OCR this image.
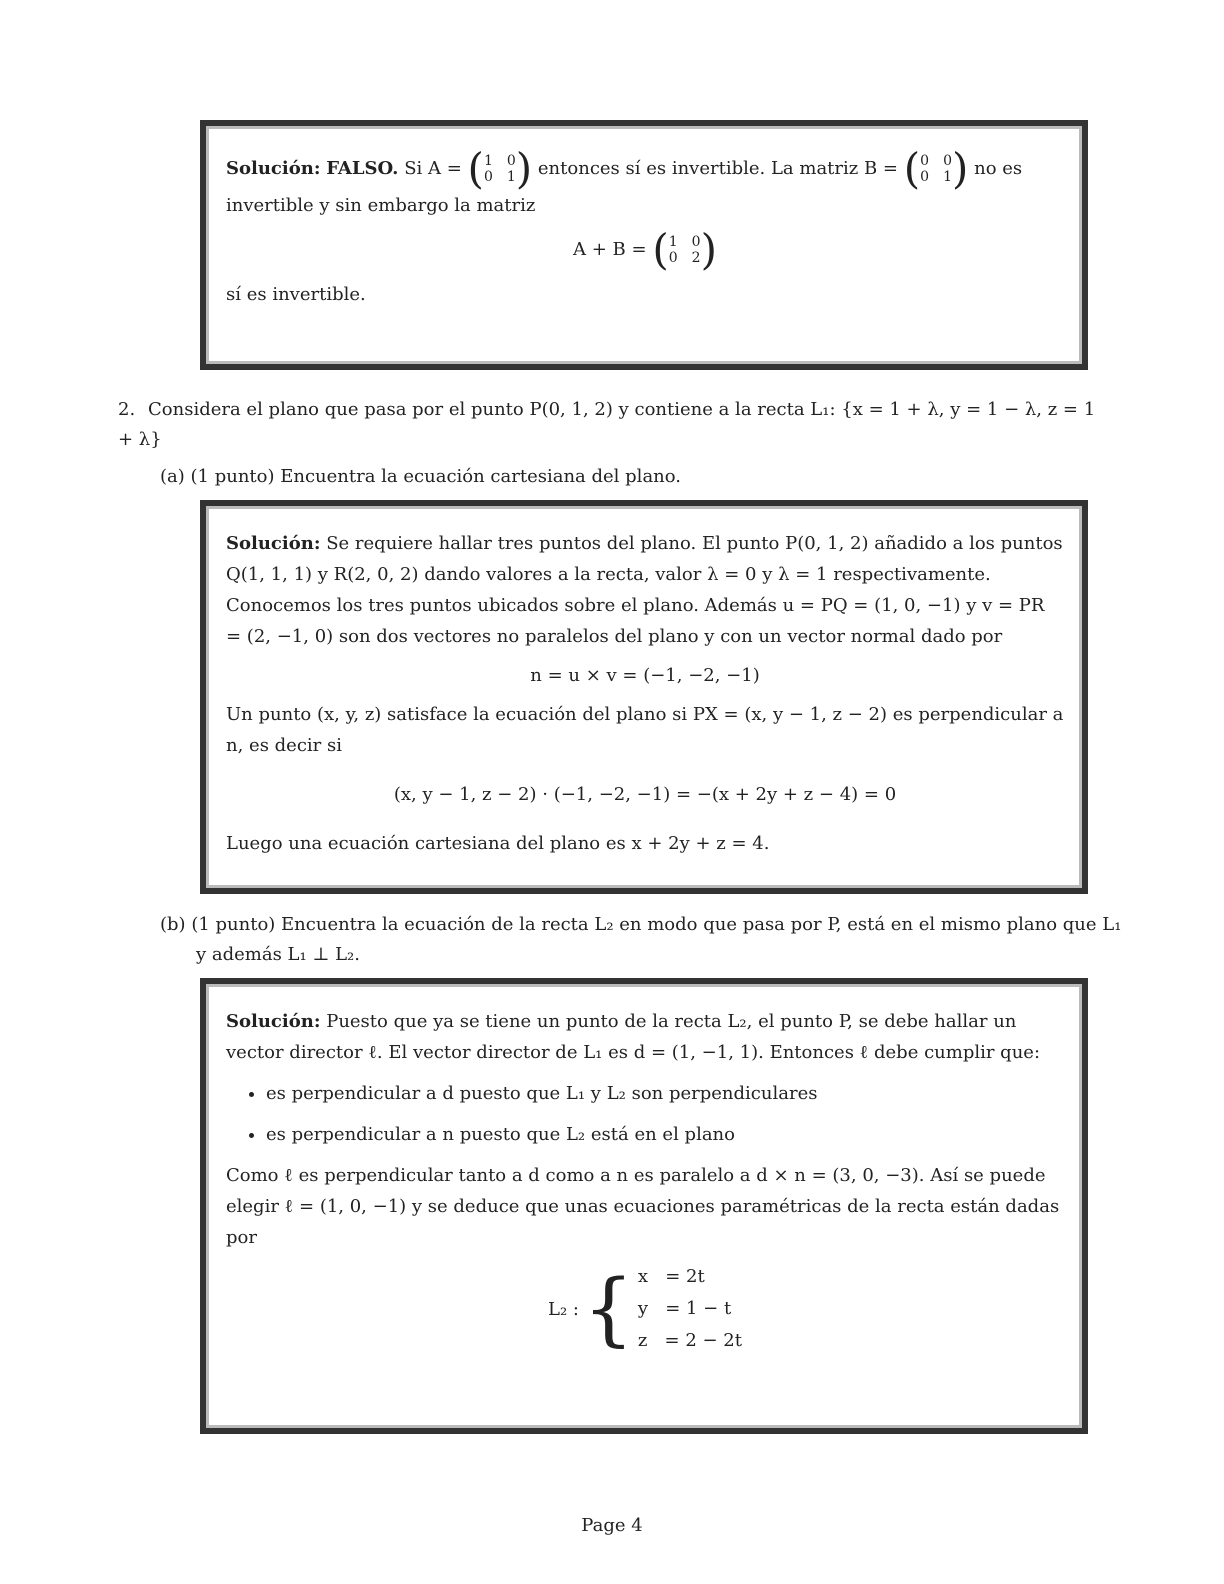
Solución: FALSO. Si A = ( 1 0
0 1 ) entonces sí es invertible. La matriz B = ( 0 0
0 1 ) no es invertible y sin embargo la matriz

A + B = ( 1 0
0 2 )

sí es invertible.

2. Considera el plano que pasa por el punto P(0, 1, 2) y contiene a la recta L₁: {x = 1 + λ, y = 1 − λ, z = 1 + λ}
(a) (1 punto) Encuentra la ecuación cartesiana del plano.

Solución: Se requiere hallar tres puntos del plano. El punto P(0, 1, 2) añadido a los puntos Q(1, 1, 1) y R(2, 0, 2) dando valores a la recta, valor λ = 0 y λ = 1 respectivamente. Conocemos los tres puntos ubicados sobre el plano. Además u = PQ = (1, 0, −1) y v = PR = (2, −1, 0) son dos vectores no paralelos del plano y con un vector normal dado por

n = u × v = (−1, −2, −1)

Un punto (x, y, z) satisface la ecuación del plano si PX = (x, y − 1, z − 2) es perpendicular a n, es decir si

(x, y − 1, z − 2) · (−1, −2, −1) = −(x + 2y + z − 4) = 0

Luego una ecuación cartesiana del plano es x + 2y + z = 4.

(b) (1 punto) Encuentra la ecuación de la recta L₂ en modo que pasa por P, está en el mismo plano que L₁ y además L₁ ⊥ L₂.

Solución: Puesto que ya se tiene un punto de la recta L₂, el punto P, se debe hallar un vector director ℓ. El vector director de L₁ es d = (1, −1, 1). Entonces ℓ debe cumplir que:

• es perpendicular a d puesto que L₁ y L₂ son perpendiculares
• es perpendicular a n puesto que L₂ está en el plano

Como ℓ es perpendicular tanto a d como a n es paralelo a d × n = (3, 0, −3). Así se puede elegir ℓ = (1, 0, −1) y se deduce que unas ecuaciones paramétricas de la recta están dadas por

L₂ : { x   = 2t
y   = 1 − t
z   = 2 − 2t

Page 4
